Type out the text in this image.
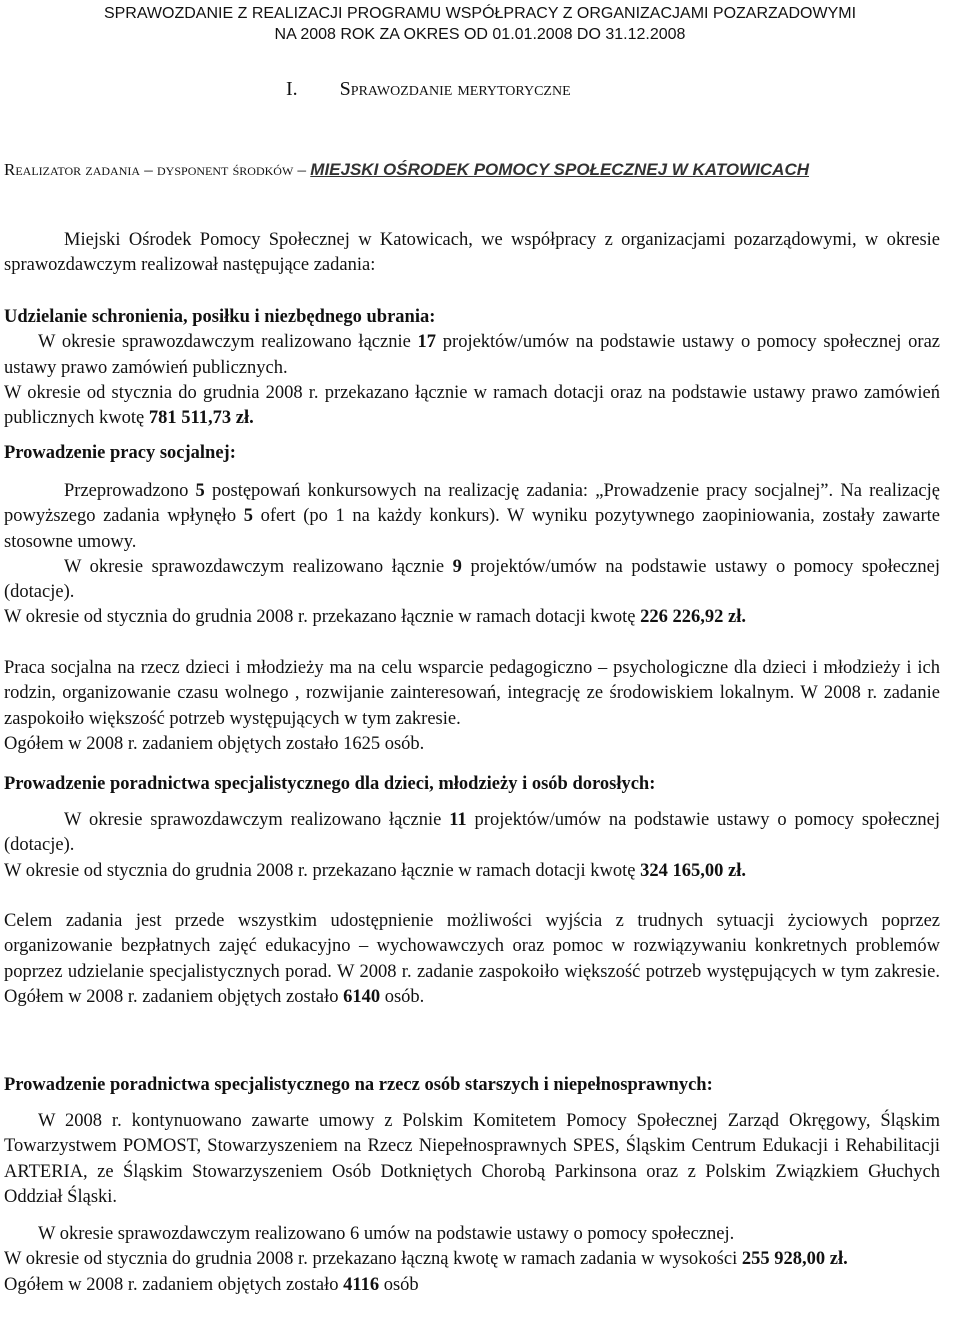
SPRAWOZDANIE Z REALIZACJI PROGRAMU WSPÓŁPRACY Z ORGANIZACJAMI POZARZADOWYMI
NA 2008 ROK ZA OKRES OD 01.01.2008 DO 31.12.2008
I. Sprawozdanie merytoryczne
Realizator zadania – dysponent środków – MIEJSKI OŚRODEK POMOCY SPOŁECZNEJ W KATOWICACH

Miejski Ośrodek Pomocy Społecznej w Katowicach, we współpracy z organizacjami pozarządowymi, w okresie sprawozdawczym realizował następujące zadania:

Udzielanie schronienia, posiłku i niezbędnego ubrania:

W okresie sprawozdawczym realizowano łącznie 17 projektów/umów na podstawie ustawy o pomocy społecznej oraz ustawy prawo zamówień publicznych.

W okresie od stycznia do grudnia 2008 r. przekazano łącznie w ramach dotacji oraz na podstawie ustawy prawo zamówień publicznych kwotę 781 511,73 zł.

Prowadzenie pracy socjalnej:

Przeprowadzono 5 postępowań konkursowych na realizację zadania: „Prowadzenie pracy socjalnej”. Na realizację powyższego zadania wpłynęło 5 ofert (po 1 na każdy konkurs). W wyniku pozytywnego zaopiniowania, zostały zawarte stosowne umowy.

W okresie sprawozdawczym realizowano łącznie 9 projektów/umów na podstawie ustawy o pomocy społecznej (dotacje).

W okresie od stycznia do grudnia 2008 r. przekazano łącznie w ramach dotacji kwotę 226 226,92 zł.

Praca socjalna na rzecz dzieci i młodzieży ma na celu wsparcie pedagogiczno – psychologiczne dla dzieci i młodzieży i ich rodzin, organizowanie czasu wolnego , rozwijanie zainteresowań, integrację ze środowiskiem lokalnym. W 2008 r. zadanie zaspokoiło większość potrzeb występujących w tym zakresie.

Ogółem w 2008 r. zadaniem objętych zostało 1625 osób.

Prowadzenie poradnictwa specjalistycznego dla dzieci, młodzieży i osób dorosłych:

W okresie sprawozdawczym realizowano łącznie 11 projektów/umów na podstawie ustawy o pomocy społecznej (dotacje).

W okresie od stycznia do grudnia 2008 r. przekazano łącznie w ramach dotacji kwotę 324 165,00 zł.

Celem zadania jest przede wszystkim udostępnienie możliwości wyjścia z trudnych sytuacji życiowych poprzez organizowanie bezpłatnych zajęć edukacyjno – wychowawczych oraz pomoc w rozwiązywaniu konkretnych problemów poprzez udzielanie specjalistycznych porad. W 2008 r. zadanie zaspokoiło większość potrzeb występujących w tym zakresie. Ogółem w 2008 r. zadaniem objętych zostało 6140 osób.

Prowadzenie poradnictwa specjalistycznego na rzecz osób starszych i niepełnosprawnych:

W 2008 r. kontynuowano zawarte umowy z Polskim Komitetem Pomocy Społecznej Zarząd Okręgowy, Śląskim Towarzystwem POMOST, Stowarzyszeniem na Rzecz Niepełnosprawnych SPES, Śląskim Centrum Edukacji i Rehabilitacji ARTERIA, ze Śląskim Stowarzyszeniem Osób Dotkniętych Chorobą Parkinsona oraz z Polskim Związkiem Głuchych Oddział Śląski.

W okresie sprawozdawczym realizowano 6 umów na podstawie ustawy o pomocy społecznej.

W okresie od stycznia do grudnia 2008 r. przekazano łączną kwotę w ramach zadania w wysokości 255 928,00 zł.

Ogółem w 2008 r. zadaniem objętych zostało 4116 osób
